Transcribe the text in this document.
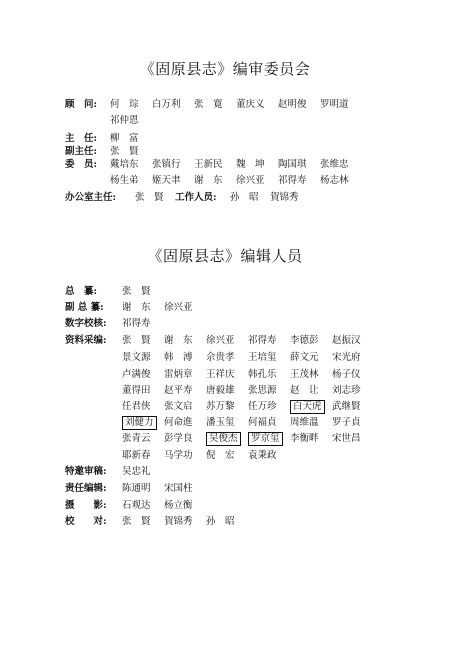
《固原县志》编审委员会
顾　问: 何　琮 白万利 张　寛 董庆义 赵明俊 罗明道
祁仲恩
主　任: 柳　富
副主任: 张　賢
委　员: 戴培东 张镇行 王新民 魏　坤 陶国琪 张维忠
杨生弟 姬天聿 谢　东 徐兴亚 祁得寿 杨志林
办公室主任: 张　賢 工作人员: 孙　昭 賀锦秀
《固原县志》编辑人员
总　纂:	张　賢
副 总 纂: 谢　东 徐兴亚
数字校核: 祁得寿
资料采编: 张　賢 谢　东 徐兴亚 祁得寿 李德彭 赵振汉
景文源 韩　溥 佘贵孝 王培玺 薛文元 宋光府
卢满俊 雷炳章 王祥庆 韩孔乐 王茂林 杨子仪
董得田 赵平寿 唐毅雄 张思源 赵　让 刘志珍
任君侠 张文启 苏万黎 任万珍	白天虎	武继賢
刘健力	何命進 潘玉玺 何福貞 周维溫 罗子貞
张青云 彭学良	吴俊杰	罗京玺	李衡畔 宋世昌
耶新春 马学功 倪　宏 袁秉政
特邀审稿: 吴忠礼
责任编辑: 陈通明 宋国柱
摄　　影: 石观达 杨立衡
校　　对: 张　賢 賀锦秀 孙　昭
